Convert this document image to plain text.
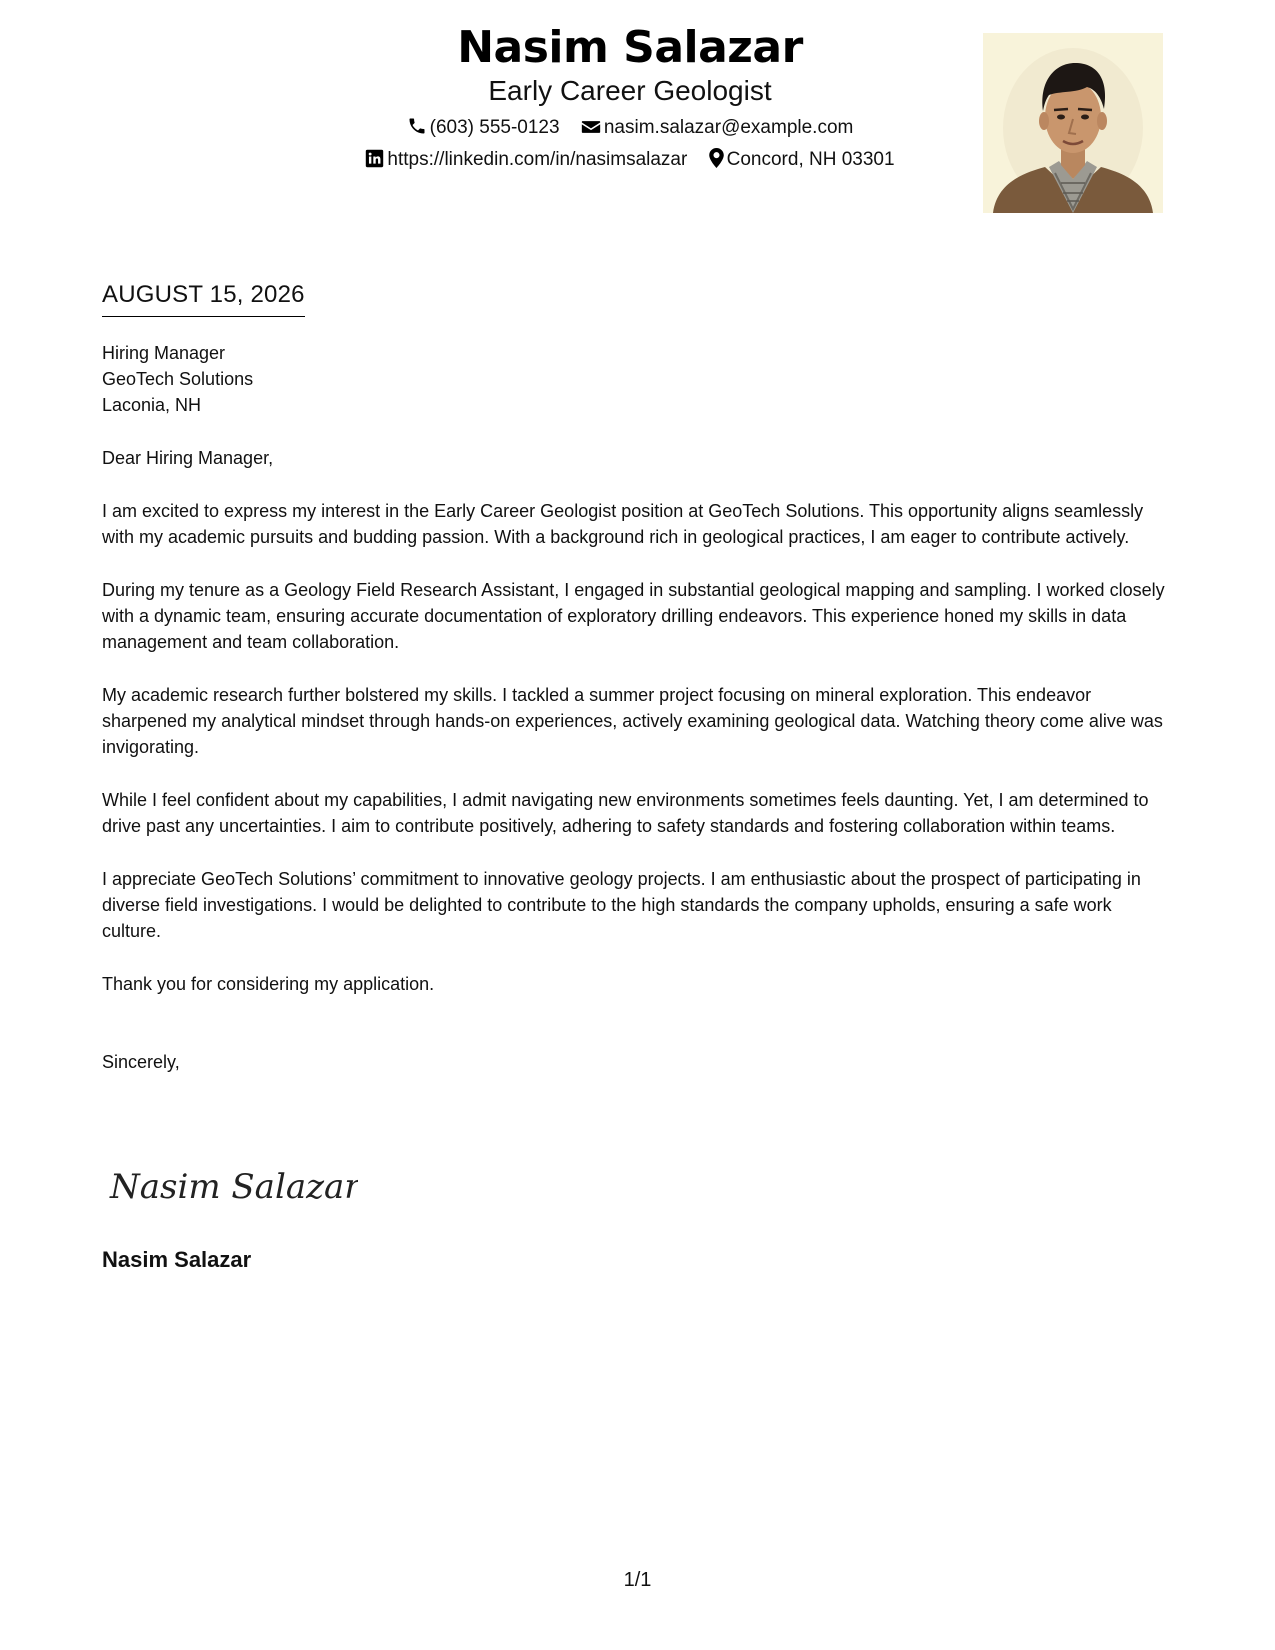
Nasim Salazar
Early Career Geologist
(603) 555-0123 nasim.salazar@example.com
https://linkedin.com/in/nasimsalazar Concord, NH 03301
AUGUST 15, 2026
Hiring Manager
GeoTech Solutions
Laconia, NH

Dear Hiring Manager,

I am excited to express my interest in the Early Career Geologist position at GeoTech Solutions. This opportunity aligns seamlessly with my academic pursuits and budding passion. With a background rich in geological practices, I am eager to contribute actively.

During my tenure as a Geology Field Research Assistant, I engaged in substantial geological mapping and sampling. I worked closely with a dynamic team, ensuring accurate documentation of exploratory drilling endeavors. This experience honed my skills in data management and team collaboration.

My academic research further bolstered my skills. I tackled a summer project focusing on mineral exploration. This endeavor sharpened my analytical mindset through hands-on experiences, actively examining geological data. Watching theory come alive was invigorating.

While I feel confident about my capabilities, I admit navigating new environments sometimes feels daunting. Yet, I am determined to drive past any uncertainties. I aim to contribute positively, adhering to safety standards and fostering collaboration within teams.

I appreciate GeoTech Solutions’ commitment to innovative geology projects. I am enthusiastic about the prospect of participating in diverse field investigations. I would be delighted to contribute to the high standards the company upholds, ensuring a safe work culture.

Thank you for considering my application.

Sincerely,

Nasim Salazar
Nasim Salazar
1/1
